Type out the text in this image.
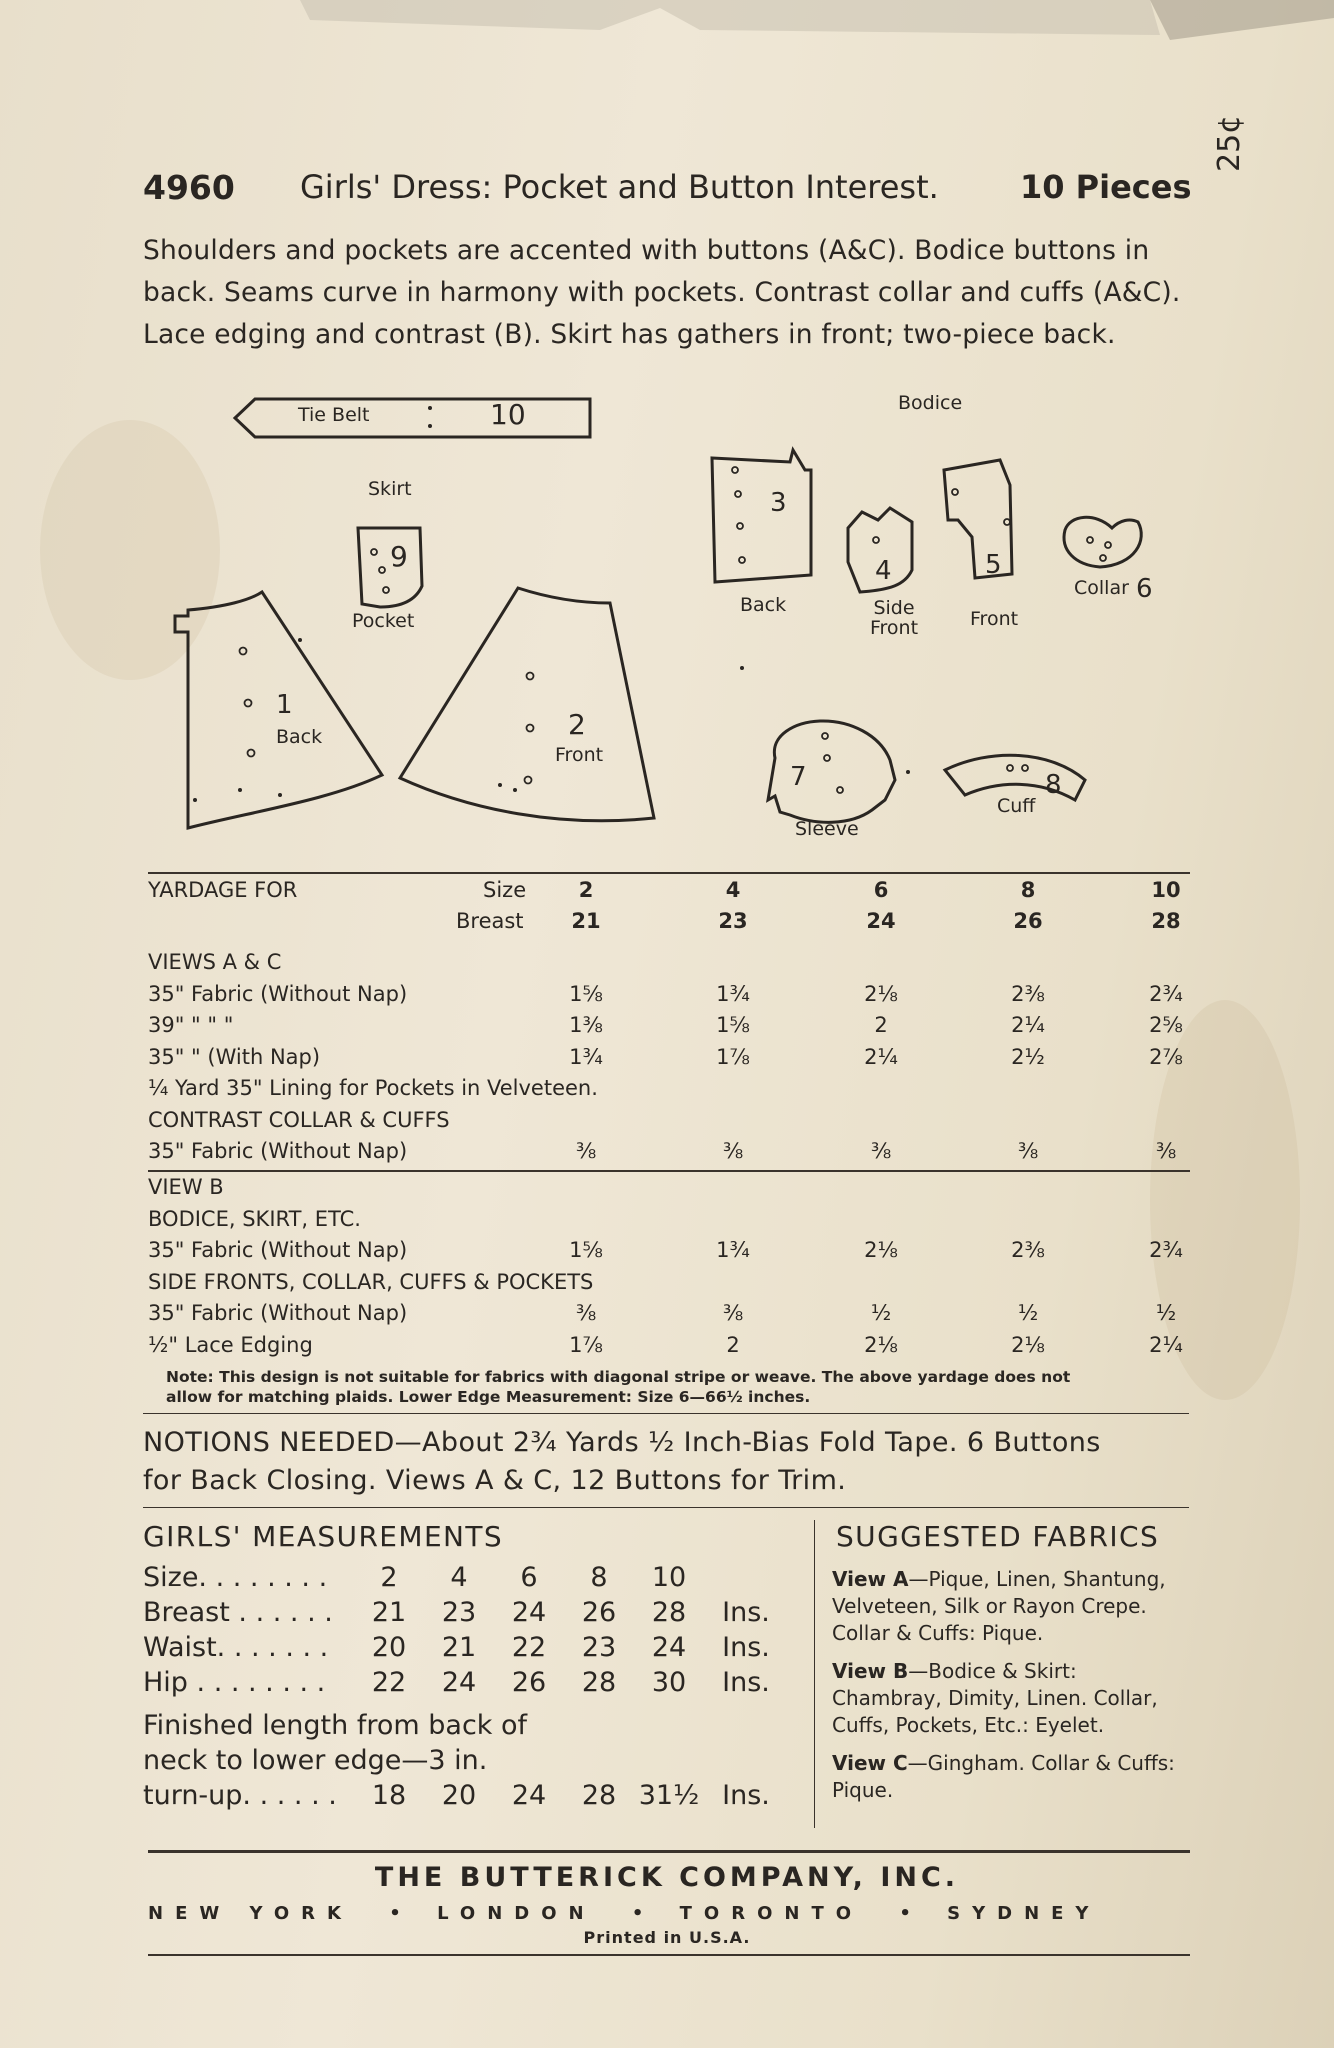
4960 Girls' Dress: Pocket and Button Interest.	10 Pieces
25¢

Shoulders and pockets are accented with buttons (A&C). Bodice buttons in

back. Seams curve in harmony with pockets. Contrast collar and cuffs (A&C).

Lace edging and contrast (B). Skirt has gathers in front; two-piece back.

Tie Belt	10	Bodice
Skirt
1
Back	2
Front
3
Back
4
Side Front
5
Front
6
Collar
7
Sleeve
8
Cuff
9
Pocket
YARDAGE FOR	Size	2	4	6	8	10
Breast	21	23	24	26	28
VIEWS A & C
35" Fabric (Without Nap)	1⅝	1¾	2⅛	2⅜	2¾
39" " " "	1⅜	1⅝	2	2¼	2⅝
35" " (With Nap)	1¾	1⅞	2¼	2½	2⅞
¼ Yard 35" Lining for Pockets in Velveteen.
CONTRAST COLLAR & CUFFS
35" Fabric (Without Nap)	⅜	⅜	⅜	⅜	⅜
VIEW B
BODICE, SKIRT, ETC.
35" Fabric (Without Nap)	1⅝	1¾	2⅛	2⅜	2¾
SIDE FRONTS, COLLAR, CUFFS & POCKETS
35" Fabric (Without Nap)	⅜	⅜	½	½	½
½" Lace Edging	1⅞	2	2⅛	2⅛	2¼
Note: This design is not suitable for fabrics with diagonal stripe or weave. The above yardage does not
allow for matching plaids. Lower Edge Measurement: Size 6—66½ inches.
NOTIONS NEEDED—About 2¾ Yards ½ Inch-Bias Fold Tape. 6 Buttons
for Back Closing. Views A & C, 12 Buttons for Trim.
GIRLS' MEASUREMENTS
Size. . . . . . . .	2	4	6	8	10
Breast . . . . . .	21	23	24	26	28	Ins.
Waist. . . . . . .	20	21	22	23	24	Ins.
Hip . . . . . . . .	22	24	26	28	30	Ins.
Finished length from back of
neck to lower edge—3 in.
turn-up. . . . . .	18	20	24	28 31½ Ins.
SUGGESTED FABRICS

View A—Pique, Linen, Shantung, Velveteen, Silk or Rayon Crepe. Collar & Cuffs: Pique.

View B—Bodice & Skirt: Chambray, Dimity, Linen. Collar, Cuffs, Pockets, Etc.: Eyelet.

View C—Gingham. Collar & Cuffs: Pique.

THE BUTTERICK COMPANY, INC.
NEW YORK • LONDON • TORONTO • SYDNEY
Printed in U.S.A.
